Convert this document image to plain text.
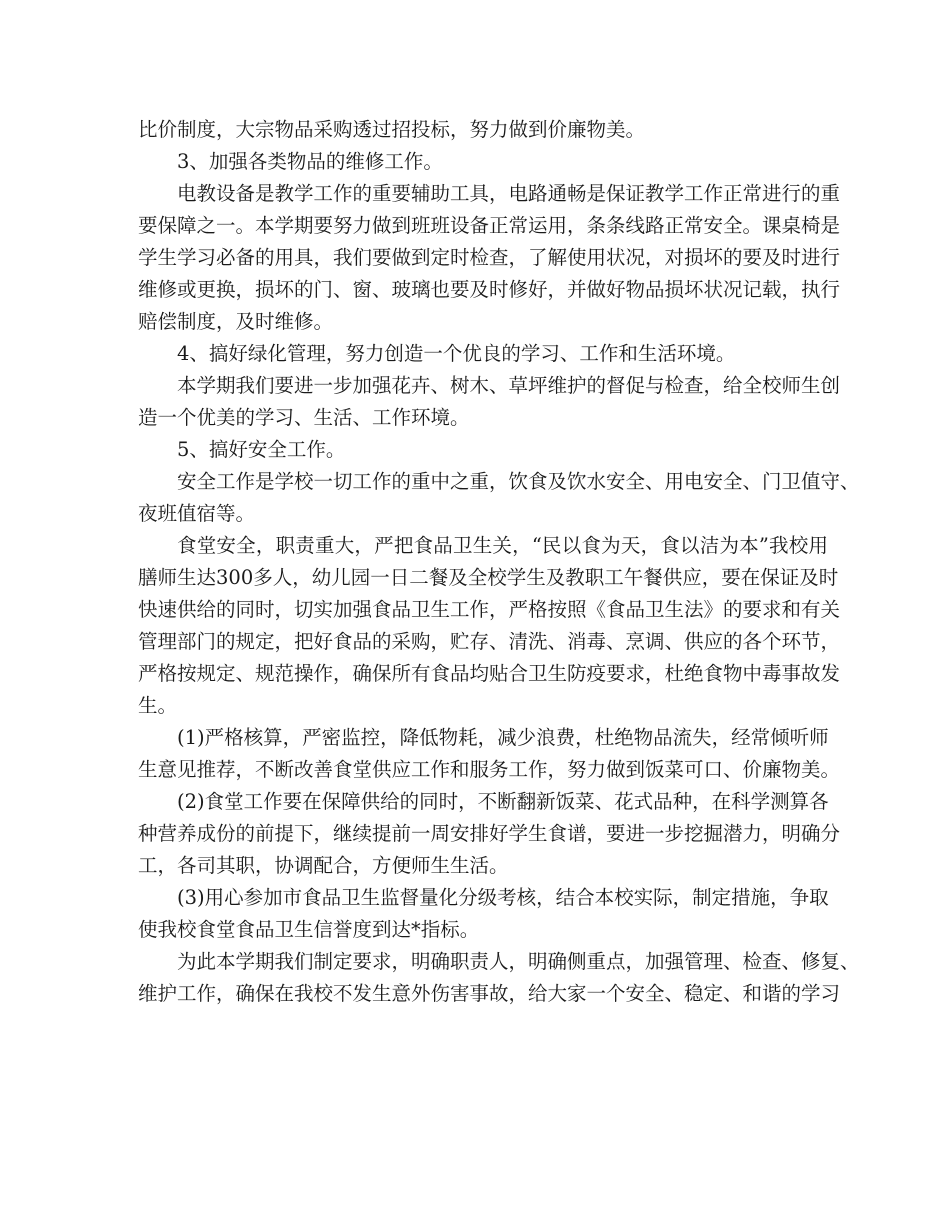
比价制度，大宗物品采购透过招投标，努力做到价廉物美。
3、加强各类物品的维修工作。
电教设备是教学工作的重要辅助工具，电路通畅是保证教学工作正常进行的重
要保障之一。本学期要努力做到班班设备正常运用，条条线路正常安全。课桌椅是
学生学习必备的用具，我们要做到定时检查，了解使用状况，对损坏的要及时进行
维修或更换，损坏的门、窗、玻璃也要及时修好，并做好物品损坏状况记载，执行
赔偿制度，及时维修。
4、搞好绿化管理，努力创造一个优良的学习、工作和生活环境。
本学期我们要进一步加强花卉、树木、草坪维护的督促与检查，给全校师生创
造一个优美的学习、生活、工作环境。
5、搞好安全工作。
安全工作是学校一切工作的重中之重，饮食及饮水安全、用电安全、门卫值守、
夜班值宿等。
食堂安全，职责重大，严把食品卫生关，“民以食为天，食以洁为本”我校用
膳师生达300多人，幼儿园一日二餐及全校学生及教职工午餐供应，要在保证及时
快速供给的同时，切实加强食品卫生工作，严格按照《食品卫生法》的要求和有关
管理部门的规定，把好食品的采购，贮存、清洗、消毒、烹调、供应的各个环节，
严格按规定、规范操作，确保所有食品均贴合卫生防疫要求，杜绝食物中毒事故发
生。
(1)严格核算，严密监控，降低物耗，减少浪费，杜绝物品流失，经常倾听师
生意见推荐，不断改善食堂供应工作和服务工作，努力做到饭菜可口、价廉物美。
(2)食堂工作要在保障供给的同时，不断翻新饭菜、花式品种，在科学测算各
种营养成份的前提下，继续提前一周安排好学生食谱，要进一步挖掘潜力，明确分
工，各司其职，协调配合，方便师生生活。
(3)用心参加市食品卫生监督量化分级考核，结合本校实际，制定措施，争取
使我校食堂食品卫生信誉度到达*指标。
为此本学期我们制定要求，明确职责人，明确侧重点，加强管理、检查、修复、
维护工作，确保在我校不发生意外伤害事故，给大家一个安全、稳定、和谐的学习
